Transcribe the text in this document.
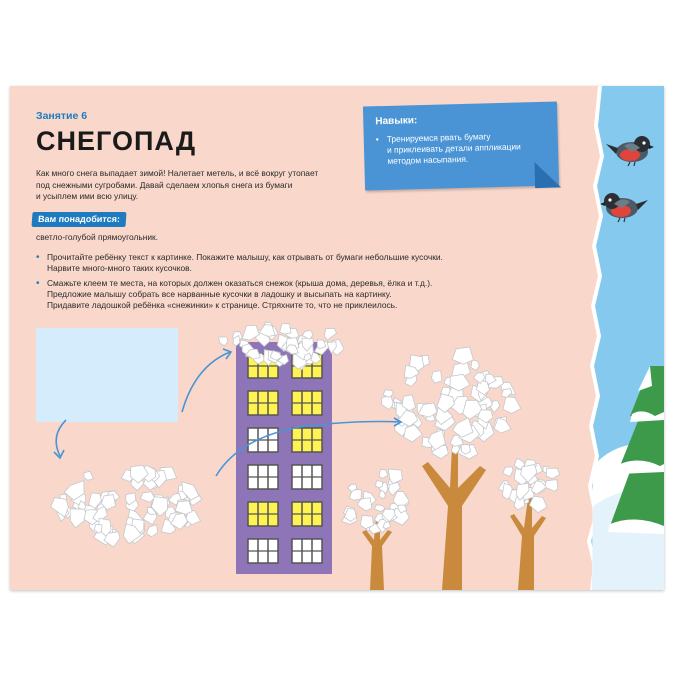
Занятие 6
СНЕГОПАД
Как много снега выпадает зимой! Налетает метель, и всё вокруг утопает
под снежными сугробами. Давай сделаем хлопья снега из бумаги
и усыплем ими всю улицу.
Вам понадобится:
светло-голубой прямоугольник.
• Прочитайте ребёнку текст к картинке. Покажите малышу, как отрывать от бумаги небольшие кусочки.
Нарвите много-много таких кусочков.
• Смажьте клеем те места, на которых должен оказаться снежок (крыша дома, деревья, ёлка и т.д.).
Предложие малышу собрать все нарванные кусочки в ладошку и высыпать на картинку.
Придавите ладошкой ребёнка «снежинки» к странице. Стряхните то, что не приклеилось.
Навыки:
• Тренируемся рвать бумагу
и приклеивать детали аппликации
методом насыпания.
